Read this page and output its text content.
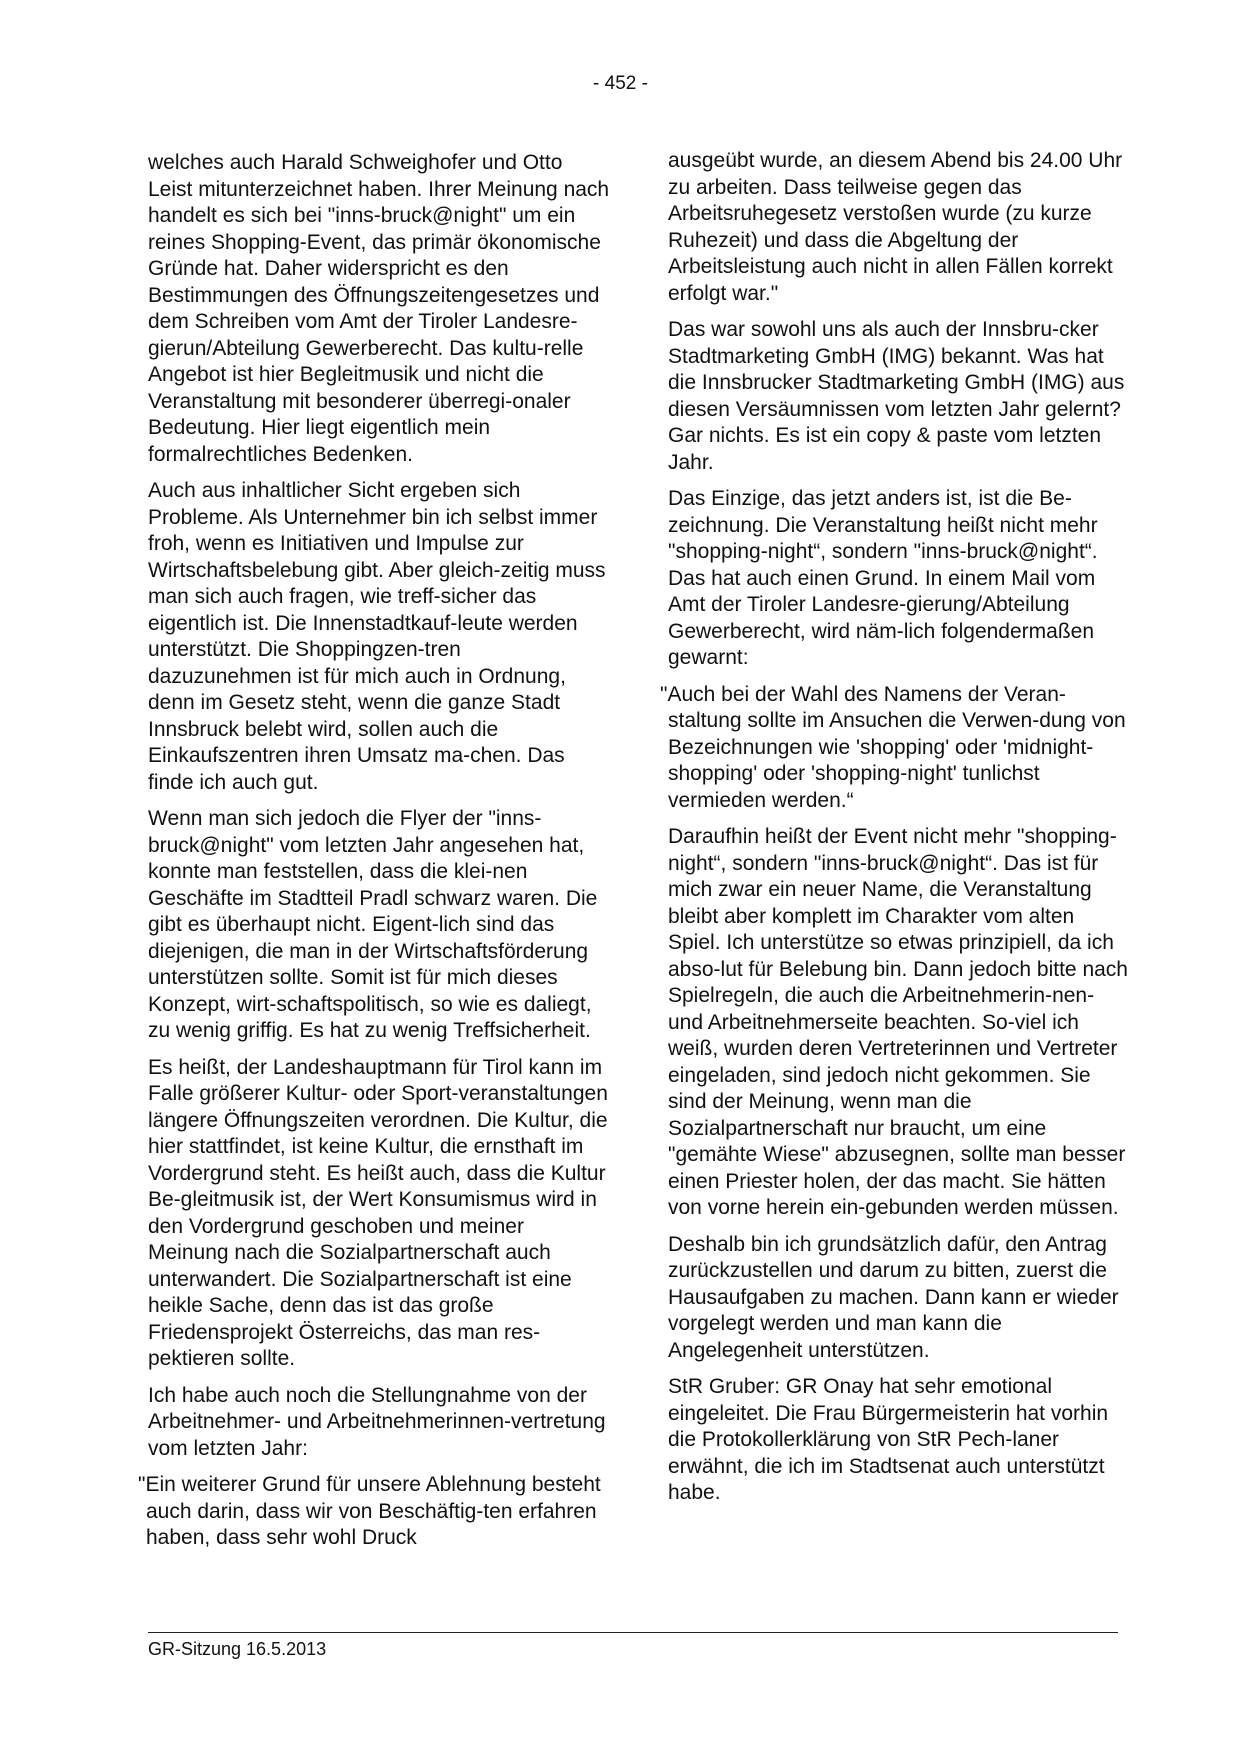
- 452 -

welches auch Harald Schweighofer und Otto Leist mitunterzeichnet haben. Ihrer Meinung nach handelt es sich bei "inns-bruck@night" um ein reines Shopping-Event, das primär ökonomische Gründe hat. Daher widerspricht es den Bestimmungen des Öffnungszeitengesetzes und dem Schreiben vom Amt der Tiroler Landesre-gierun/Abteilung Gewerberecht. Das kultu-relle Angebot ist hier Begleitmusik und nicht die Veranstaltung mit besonderer überregi-onaler Bedeutung. Hier liegt eigentlich mein formalrechtliches Bedenken.

Auch aus inhaltlicher Sicht ergeben sich Probleme. Als Unternehmer bin ich selbst immer froh, wenn es Initiativen und Impulse zur Wirtschaftsbelebung gibt. Aber gleich-zeitig muss man sich auch fragen, wie treff-sicher das eigentlich ist. Die Innenstadtkauf-leute werden unterstützt. Die Shoppingzen-tren dazuzunehmen ist für mich auch in Ordnung, denn im Gesetz steht, wenn die ganze Stadt Innsbruck belebt wird, sollen auch die Einkaufszentren ihren Umsatz ma-chen. Das finde ich auch gut.

Wenn man sich jedoch die Flyer der "inns-bruck@night" vom letzten Jahr angesehen hat, konnte man feststellen, dass die klei-nen Geschäfte im Stadtteil Pradl schwarz waren. Die gibt es überhaupt nicht. Eigent-lich sind das diejenigen, die man in der Wirtschaftsförderung unterstützen sollte. Somit ist für mich dieses Konzept, wirt-schaftspolitisch, so wie es daliegt, zu wenig griffig. Es hat zu wenig Treffsicherheit.

Es heißt, der Landeshauptmann für Tirol kann im Falle größerer Kultur- oder Sport-veranstaltungen längere Öffnungszeiten verordnen. Die Kultur, die hier stattfindet, ist keine Kultur, die ernsthaft im Vordergrund steht. Es heißt auch, dass die Kultur Be-gleitmusik ist, der Wert Konsumismus wird in den Vordergrund geschoben und meiner Meinung nach die Sozialpartnerschaft auch unterwandert. Die Sozialpartnerschaft ist eine heikle Sache, denn das ist das große Friedensprojekt Österreichs, das man res-pektieren sollte.

Ich habe auch noch die Stellungnahme von der Arbeitnehmer- und Arbeitnehmerinnen-vertretung vom letzten Jahr:

"Ein weiterer Grund für unsere Ablehnung besteht auch darin, dass wir von Beschäftig-ten erfahren haben, dass sehr wohl Druck

ausgeübt wurde, an diesem Abend bis 24.00 Uhr zu arbeiten. Dass teilweise gegen das Arbeitsruhegesetz verstoßen wurde (zu kurze Ruhezeit) und dass die Abgeltung der Arbeitsleistung auch nicht in allen Fällen korrekt erfolgt war."

Das war sowohl uns als auch der Innsbru-cker Stadtmarketing GmbH (IMG) bekannt. Was hat die Innsbrucker Stadtmarketing GmbH (IMG) aus diesen Versäumnissen vom letzten Jahr gelernt? Gar nichts. Es ist ein copy & paste vom letzten Jahr.

Das Einzige, das jetzt anders ist, ist die Be-zeichnung. Die Veranstaltung heißt nicht mehr "shopping-night“, sondern "inns-bruck@night“. Das hat auch einen Grund. In einem Mail vom Amt der Tiroler Landesre-gierung/Abteilung Gewerberecht, wird näm-lich folgendermaßen gewarnt:

"Auch bei der Wahl des Namens der Veran-staltung sollte im Ansuchen die Verwen-dung von Bezeichnungen wie 'shopping' oder 'midnight-shopping' oder 'shopping-night' tunlichst vermieden werden.“

Daraufhin heißt der Event nicht mehr "shopping-night“, sondern "inns-bruck@night“. Das ist für mich zwar ein neuer Name, die Veranstaltung bleibt aber komplett im Charakter vom alten Spiel. Ich unterstütze so etwas prinzipiell, da ich abso-lut für Belebung bin. Dann jedoch bitte nach Spielregeln, die auch die Arbeitnehmerin-nen- und Arbeitnehmerseite beachten. So-viel ich weiß, wurden deren Vertreterinnen und Vertreter eingeladen, sind jedoch nicht gekommen. Sie sind der Meinung, wenn man die Sozialpartnerschaft nur braucht, um eine "gemähte Wiese" abzusegnen, sollte man besser einen Priester holen, der das macht. Sie hätten von vorne herein ein-gebunden werden müssen.

Deshalb bin ich grundsätzlich dafür, den Antrag zurückzustellen und darum zu bitten, zuerst die Hausaufgaben zu machen. Dann kann er wieder vorgelegt werden und man kann die Angelegenheit unterstützen.

StR Gruber: GR Onay hat sehr emotional eingeleitet. Die Frau Bürgermeisterin hat vorhin die Protokollerklärung von StR Pech-laner erwähnt, die ich im Stadtsenat auch unterstützt habe.

GR-Sitzung 16.5.2013
